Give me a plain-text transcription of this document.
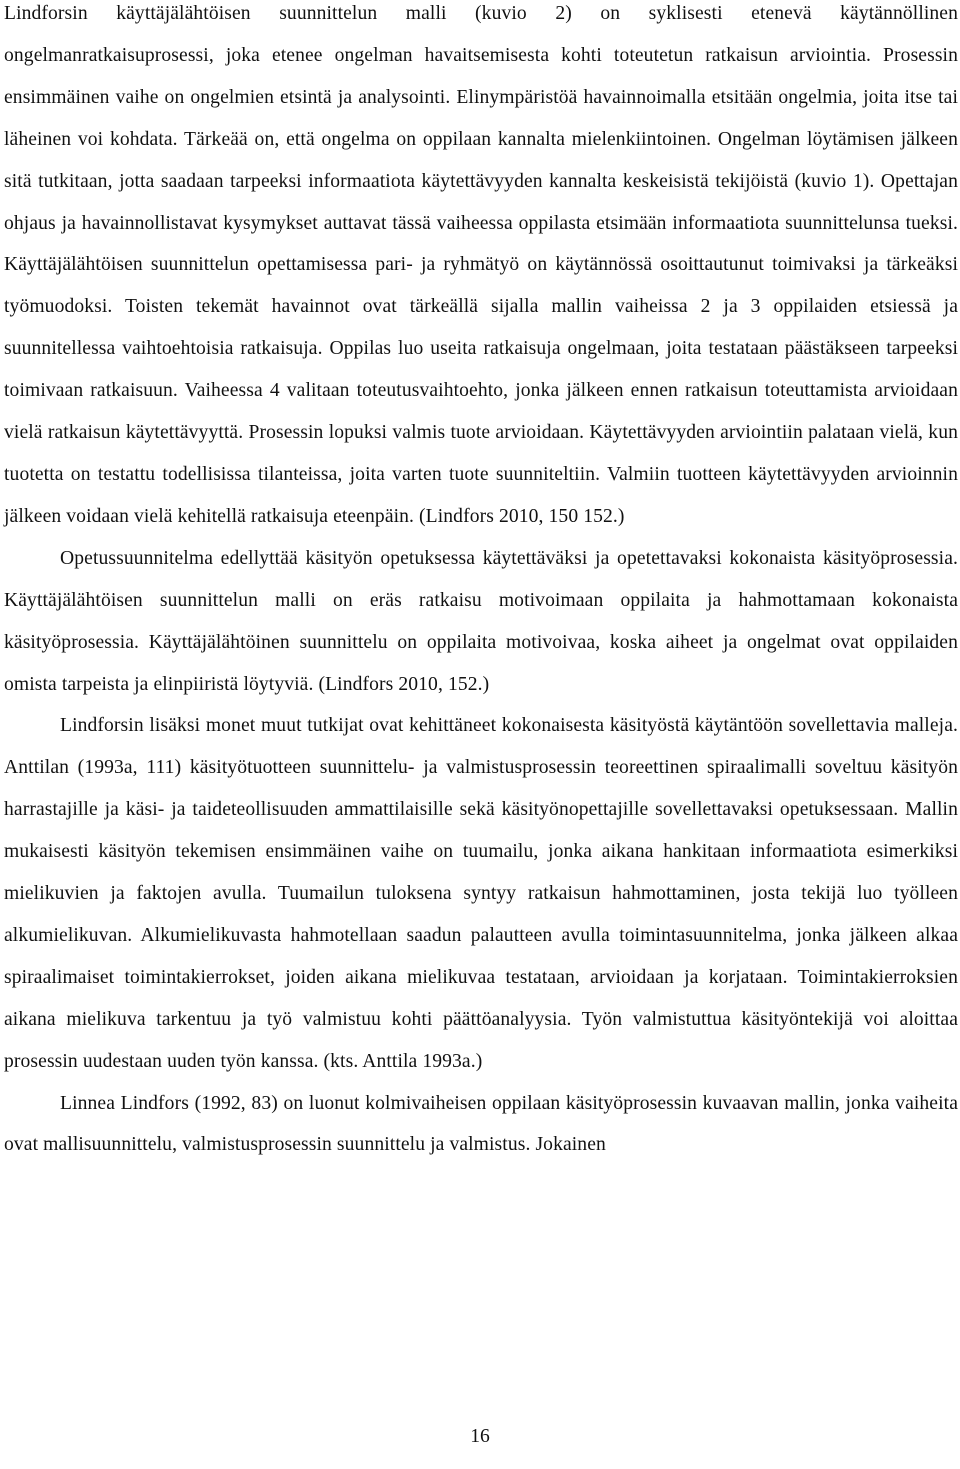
Lindforsin käyttäjälähtöisen suunnittelun malli (kuvio 2) on syklisesti etenevä käytännöllinen ongelmanratkaisuprosessi, joka etenee ongelman havaitsemisesta kohti toteutetun ratkaisun arviointia. Prosessin ensimmäinen vaihe on ongelmien etsintä ja analysointi. Elinympäristöä havainnoimalla etsitään ongelmia, joita itse tai läheinen voi kohdata. Tärkeää on, että ongelma on oppilaan kannalta mielenkiintoinen. Ongelman löytämisen jälkeen sitä tutkitaan, jotta saadaan tarpeeksi informaatiota käytettävyyden kannalta keskeisistä tekijöistä (kuvio 1). Opettajan ohjaus ja havainnollistavat kysymykset auttavat tässä vaiheessa oppilasta etsimään informaatiota suunnittelunsa tueksi. Käyttäjälähtöisen suunnittelun opettamisessa pari- ja ryhmätyö on käytännössä osoittautunut toimivaksi ja tärkeäksi työmuodoksi. Toisten tekemät havainnot ovat tärkeällä sijalla mallin vaiheissa 2 ja 3 oppilaiden etsiessä ja suunnitellessa vaihtoehtoisia ratkaisuja. Oppilas luo useita ratkaisuja ongelmaan, joita testataan päästäkseen tarpeeksi toimivaan ratkaisuun. Vaiheessa 4 valitaan toteutusvaihtoehto, jonka jälkeen ennen ratkaisun toteuttamista arvioidaan vielä ratkaisun käytettävyyttä. Prosessin lopuksi valmis tuote arvioidaan. Käytettävyyden arviointiin palataan vielä, kun tuotetta on testattu todellisissa tilanteissa, joita varten tuote suunniteltiin. Valmiin tuotteen käytettävyyden arvioinnin jälkeen voidaan vielä kehitellä ratkaisuja eteenpäin. (Lindfors 2010, 150 152.)

Opetussuunnitelma edellyttää käsityön opetuksessa käytettäväksi ja opetettavaksi kokonaista käsityöprosessia. Käyttäjälähtöisen suunnittelun malli on eräs ratkaisu motivoimaan oppilaita ja hahmottamaan kokonaista käsityöprosessia. Käyttäjälähtöinen suunnittelu on oppilaita motivoivaa, koska aiheet ja ongelmat ovat oppilaiden omista tarpeista ja elinpiiristä löytyviä. (Lindfors 2010, 152.)

Lindforsin lisäksi monet muut tutkijat ovat kehittäneet kokonaisesta käsityöstä käytäntöön sovellettavia malleja. Anttilan (1993a, 111) käsityötuotteen suunnittelu- ja valmistusprosessin teoreettinen spiraalimalli soveltuu käsityön harrastajille ja käsi- ja taideteollisuuden ammattilaisille sekä käsityönopettajille sovellettavaksi opetuksessaan. Mallin mukaisesti käsityön tekemisen ensimmäinen vaihe on tuumailu, jonka aikana hankitaan informaatiota esimerkiksi mielikuvien ja faktojen avulla. Tuumailun tuloksena syntyy ratkaisun hahmottaminen, josta tekijä luo työlleen alkumielikuvan. Alkumielikuvasta hahmotellaan saadun palautteen avulla toimintasuunnitelma, jonka jälkeen alkaa spiraalimaiset toimintakierrokset, joiden aikana mielikuvaa testataan, arvioidaan ja korjataan. Toimintakierroksien aikana mielikuva tarkentuu ja työ valmistuu kohti päättöanalyysia. Työn valmistuttua käsityöntekijä voi aloittaa prosessin uudestaan uuden työn kanssa. (kts. Anttila 1993a.)

Linnea Lindfors (1992, 83) on luonut kolmivaiheisen oppilaan käsityöprosessin kuvaavan mallin, jonka vaiheita ovat mallisuunnittelu, valmistusprosessin suunnittelu ja valmistus. Jokainen

16
